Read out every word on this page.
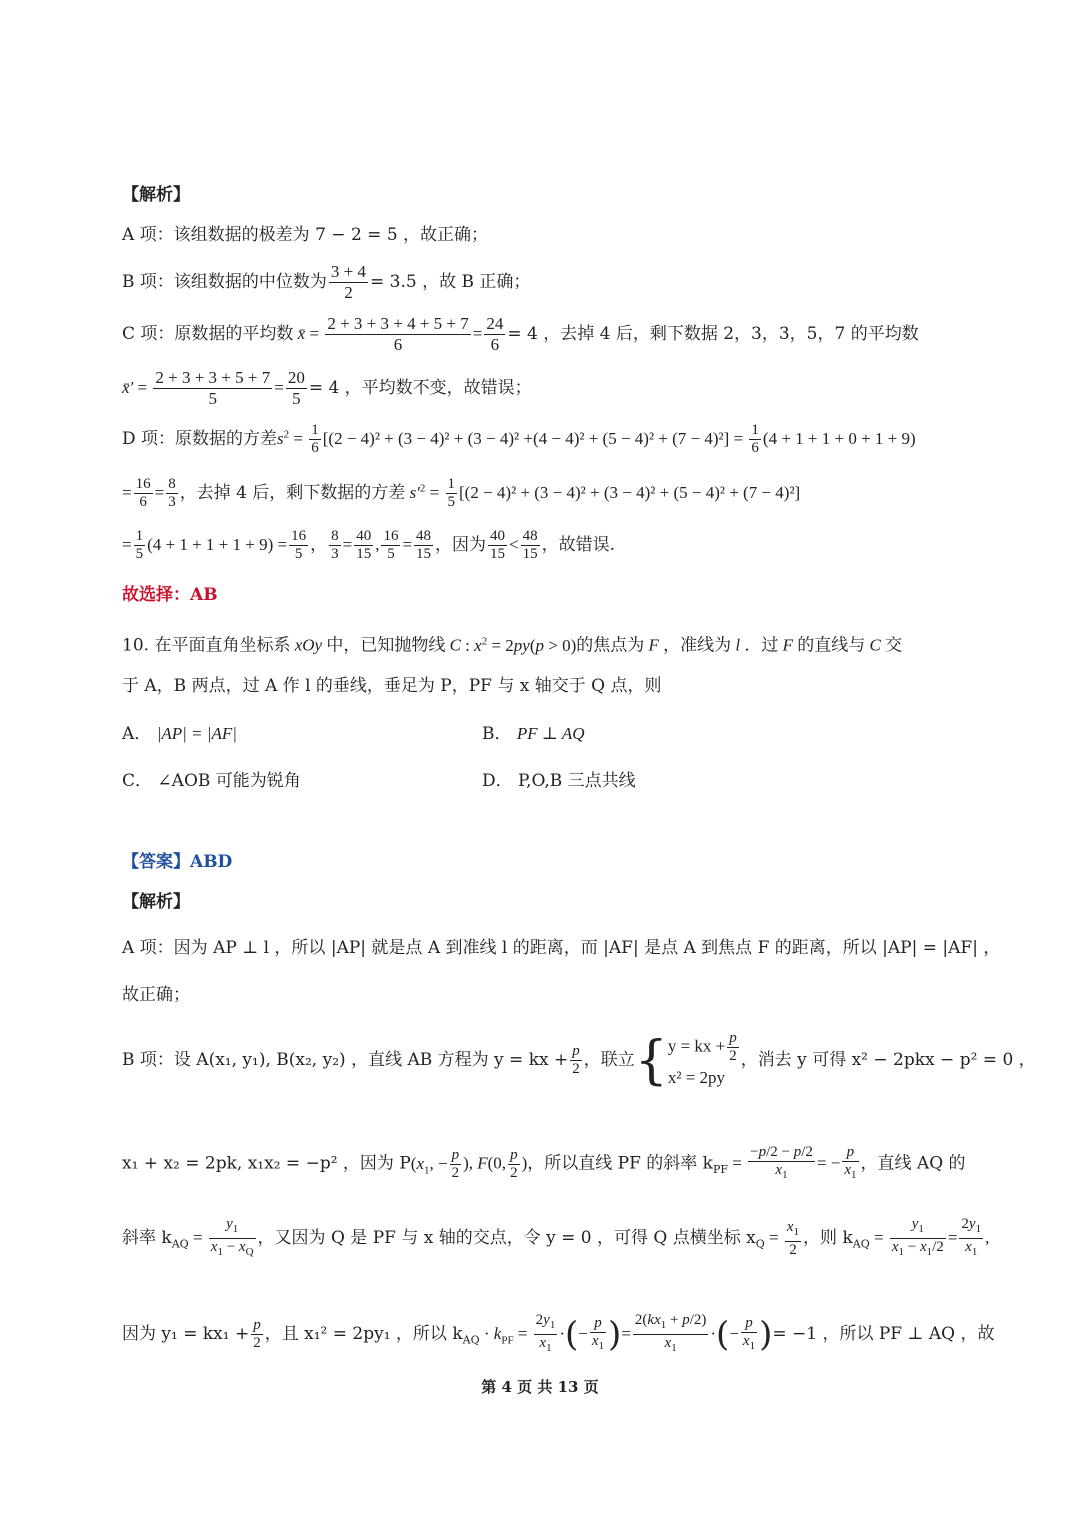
【解析】
A 项：该组数据的极差为 7 − 2 = 5 ，故正确；
B 项：该组数据的中位数为 $\frac{3 + 4}{2} = 3.5$ ，故 B 正确；
C 项：原数据的平均数 x̄ = $\frac{2 + 3 + 3 + 4 + 5 + 7}{6} = \frac{24}{6} = 4$ ，去掉 4 后，剩下数据 2，3，3，5，7 的平均数
x̄′ = $\frac{2 + 3 + 3 + 5 + 7}{5} = \frac{20}{5} = 4$ ，平均数不变，故错误；
D 项：原数据的方差$s^2 = \frac{1}{6} [(2 - 4)^2 + (3 - 4)^2 + (3 - 4)^2 +(4 - 4)^2 + (5 - 4)^2 + (7 - 4)^2] = \frac{1}{6} (4 + 1 + 1 + 0 + 1 + 9)$
= $\frac{16}{6} = \frac{8}{3}$ ，去掉 4 后，剩下数据的方差 $s'^2 = \frac{1}{5} [(2 - 4)^2 + (3 - 4)^2 + (3 - 4)^2 + (5 - 4)^2 + (7 - 4)^2]$
= $\frac{1}{5} (4 + 1 + 1 + 1 + 9) = \frac{16}{5}$ ， $\frac{8}{3} = \frac{40}{15}$ , $\frac{16}{5} = \frac{48}{15}$ ，因为 $\frac{40}{15} < \frac{48}{15}$ ，故错误.
故选择：AB
10. 在平面直角坐标系 xOy 中，已知抛物线 C : $x^2 = 2py(p > 0)$的焦点为 F ，准线为 l ．过 F 的直线与 C 交
于 A，B 两点，过 A 作 l 的垂线，垂足为 P，PF 与 x 轴交于 Q 点，则
A． |AP| = |AF|	B． PF ⊥ AQ
C． ∠AOB 可能为锐角	D． P,O,B 三点共线
【答案】ABD
【解析】
A 项：因为 AP ⊥ l ，所以 |AP| 就是点 A 到准线 l 的距离，而 |AF| 是点 A 到焦点 F 的距离，所以 |AP| = |AF| ，
故正确；
B 项：设 A(x₁, y₁), B(x₂, y₂) ，直线 AB 方程为 y = kx + $\frac{p}{2}$ ，联立{ y = kx + $\frac{p}{2}$
x² = 2py
，消去 y 可得 x² − 2pkx − p² = 0 ，
x₁ + x₂ = 2pk, x₁x₂ = −p² ，因为 $P(x_1$, − $\frac{p}{2}$ ), F(0, $\frac{p}{2}$ )，所以直线 PF 的斜率 $k_{PF} = \frac{-p/2 - p/2}{x_1}$ = − $\frac{p}{x_1}$ ，直线 AQ 的
斜率 $k_{AQ} = \frac{y_1}{x_1 - x_Q}$ ，又因为 Q 是 PF 与 x 轴的交点，令 y = 0 ，可得 Q 点横坐标 $x_Q = \frac{x_1}{2}$ ，则 $k_{AQ} = \frac{y_1}{x_1 - x_1/2} = \frac{2y_1}{x_1}$ ,
因为 $y_1 = kx_1 + \frac{p}{2}$ ，且 x₁² = 2py₁ ，所以 $k_{AQ} \cdot k_{PF} = \frac{2y_1}{x_1}$ ·(− $\frac{p}{x_1}$ )= $\frac{2(kx_1 + p/2)}{x_1}$ ·(− $\frac{p}{x_1}$ )= −1 ，所以 PF ⊥ AQ ，故
第 4 页 共 13 页
